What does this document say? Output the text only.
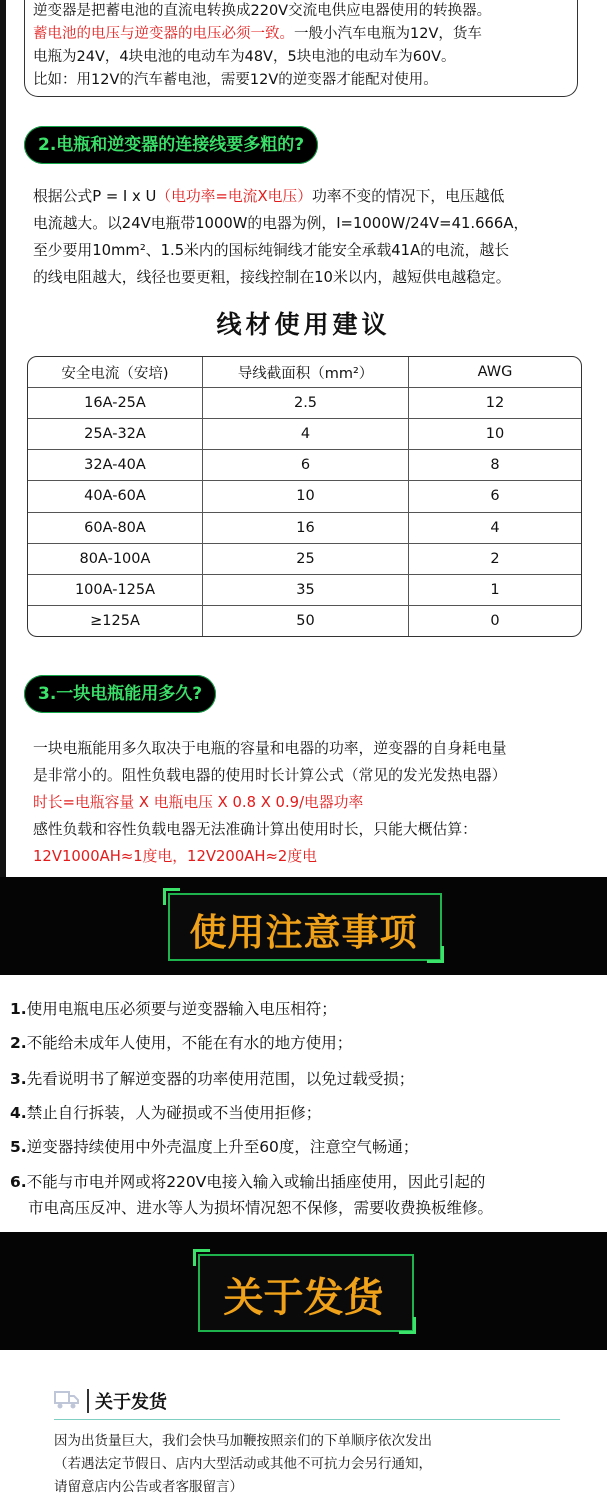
逆变器是把蓄电池的直流电转换成220V交流电供应电器使用的转换器。
蓄电池的电压与逆变器的电压必须一致。一般小汽车电瓶为12V，货车
电瓶为24V，4块电池的电动车为48V，5块电池的电动车为60V。
比如：用12V的汽车蓄电池，需要12V的逆变器才能配对使用。
2.电瓶和逆变器的连接线要多粗的?
根据公式P = I x U（电功率=电流X电压）功率不变的情况下，电压越低
电流越大。以24V电瓶带1000W的电器为例，I=1000W/24V=41.666A，
至少要用10mm²、1.5米内的国标纯铜线才能安全承载41A的电流，越长
的线电阻越大，线径也要更粗，接线控制在10米以内，越短供电越稳定。
线材使用建议
安全电流（安培)	导线截面积（mm²）	AWG
16A-25A	2.5	12
25A-32A	4	10
32A-40A	6	8
40A-60A	10	6
60A-80A	16	4
80A-100A	25	2
100A-125A	35	1
≥125A	50	0
3.一块电瓶能用多久?
一块电瓶能用多久取决于电瓶的容量和电器的功率，逆变器的自身耗电量
是非常小的。阻性负载电器的使用时长计算公式（常见的发光发热电器）
时长=电瓶容量 X 电瓶电压 X 0.8 X 0.9/电器功率
感性负载和容性负载电器无法准确计算出使用时长，只能大概估算：
12V1000AH≈1度电，12V200AH≈2度电
使用注意事项
1.使用电瓶电压必须要与逆变器输入电压相符；
2.不能给未成年人使用，不能在有水的地方使用；
3.先看说明书了解逆变器的功率使用范围，以免过载受损；
4.禁止自行拆装，人为碰损或不当使用拒修；
5.逆变器持续使用中外壳温度上升至60度，注意空气畅通；
6.不能与市电并网或将220V电接入输入或输出插座使用，因此引起的
市电高压反冲、进水等人为损坏情况恕不保修，需要收费换板维修。
关于发货
关于发货
因为出货量巨大，我们会快马加鞭按照亲们的下单顺序依次发出
（若遇法定节假日、店内大型活动或其他不可抗力会另行通知，
请留意店内公告或者客服留言）
